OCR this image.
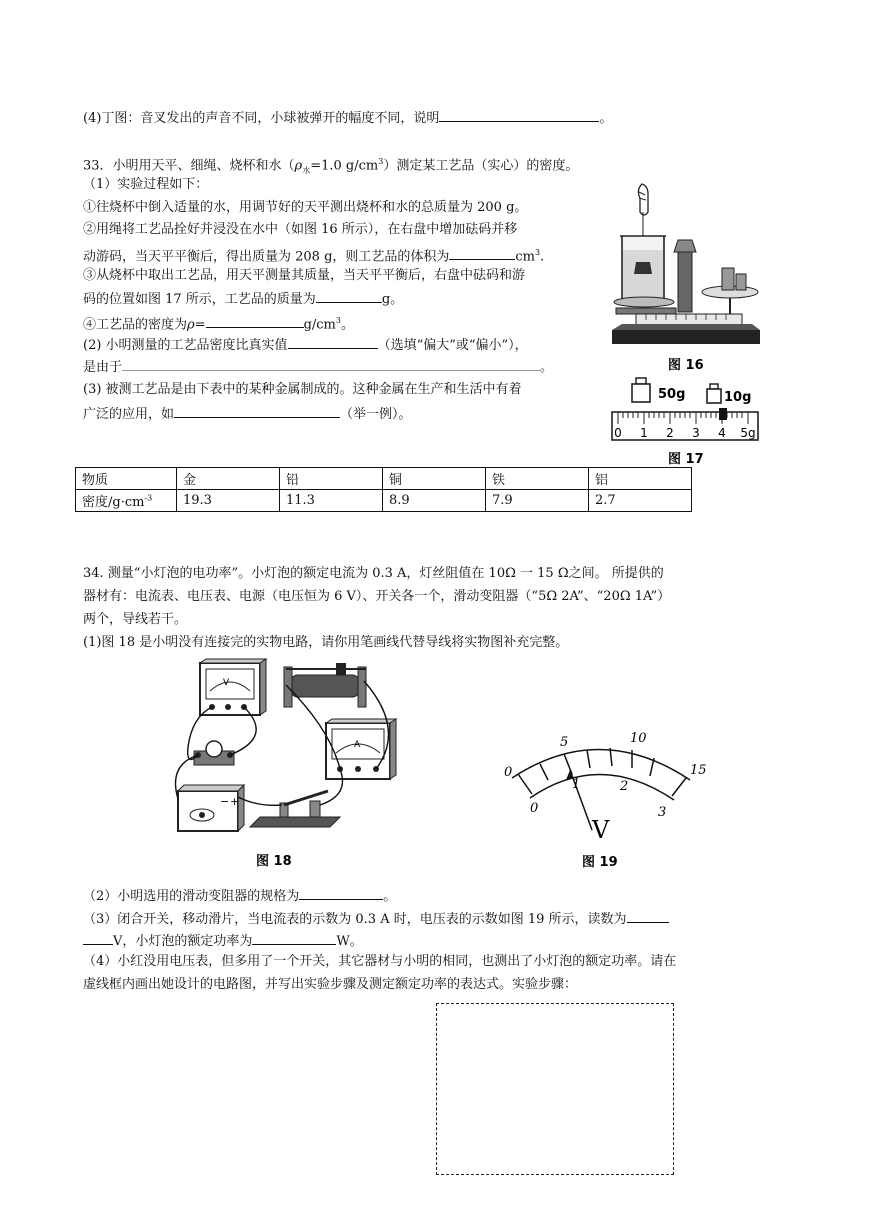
(4)丁图：音叉发出的声音不同，小球被弹开的幅度不同，说明	。
33．小明用天平、细绳、烧杯和水（$\rho_水=1.0$ $g/cm^3$）测定某工艺品（实心）的密度。
（1）实验过程如下：
①往烧杯中倒入适量的水，用调节好的天平测出烧杯和水的总质量为 200 g。
②用绳将工艺品拴好并浸没在水中（如图 16 所示），在右盘中增加砝码并移
动游码，当天平平衡后，得出质量为 208 g，则工艺品的体积为	$cm^3$.
③从烧杯中取出工艺品，用天平测量其质量，当天平平衡后，右盘中砝码和游
码的位置如图 17 所示，工艺品的质量为	g。
④工艺品的密度为ρ=	$g/cm^3$。
(2) 小明测量的工艺品密度比真实值	（选填“偏大”或“偏小”），
是由于	。
(3) 被测工艺品是由下表中的某种金属制成的。这种金属在生产和生活中有着
广泛的应用，如	（举一例）。
图 16
50g	10g
0 1 2 3 4 5g
图 17
物质	金	铅	铜	铁	铝
密度$/g\cdot cm^{-3}$	19.3	11.3	8.9	7.9	2.7
34. 测量“小灯泡的电功率”。小灯泡的额定电流为 0.3 A，灯丝阻值在 10Ω 一 15 Ω之间。 所提供的
器材有：电流表、电压表、电源（电压恒为 6 V）、开关各一个，滑动变阻器（“5Ω 2A”、“20Ω 1A”）
两个，导线若干。
(1)图 18 是小明没有连接完的实物电路，请你用笔画线代替导线将实物图补充完整。
V
A
− +
图 18
0
5	10
15
0
1	2
3
V
图 19
（2）小明选用的滑动变阻器的规格为	。
（3）闭合开关，移动滑片，当电流表的示数为 0.3 A 时，电压表的示数如图 19 所示，读数为
V，小灯泡的额定功率为	W。
（4）小红没用电压表，但多用了一个开关，其它器材与小明的相同，也测出了小灯泡的额定功率。请在
虚线框内画出她设计的电路图，并写出实验步骤及测定额定功率的表达式。实验步骤：
